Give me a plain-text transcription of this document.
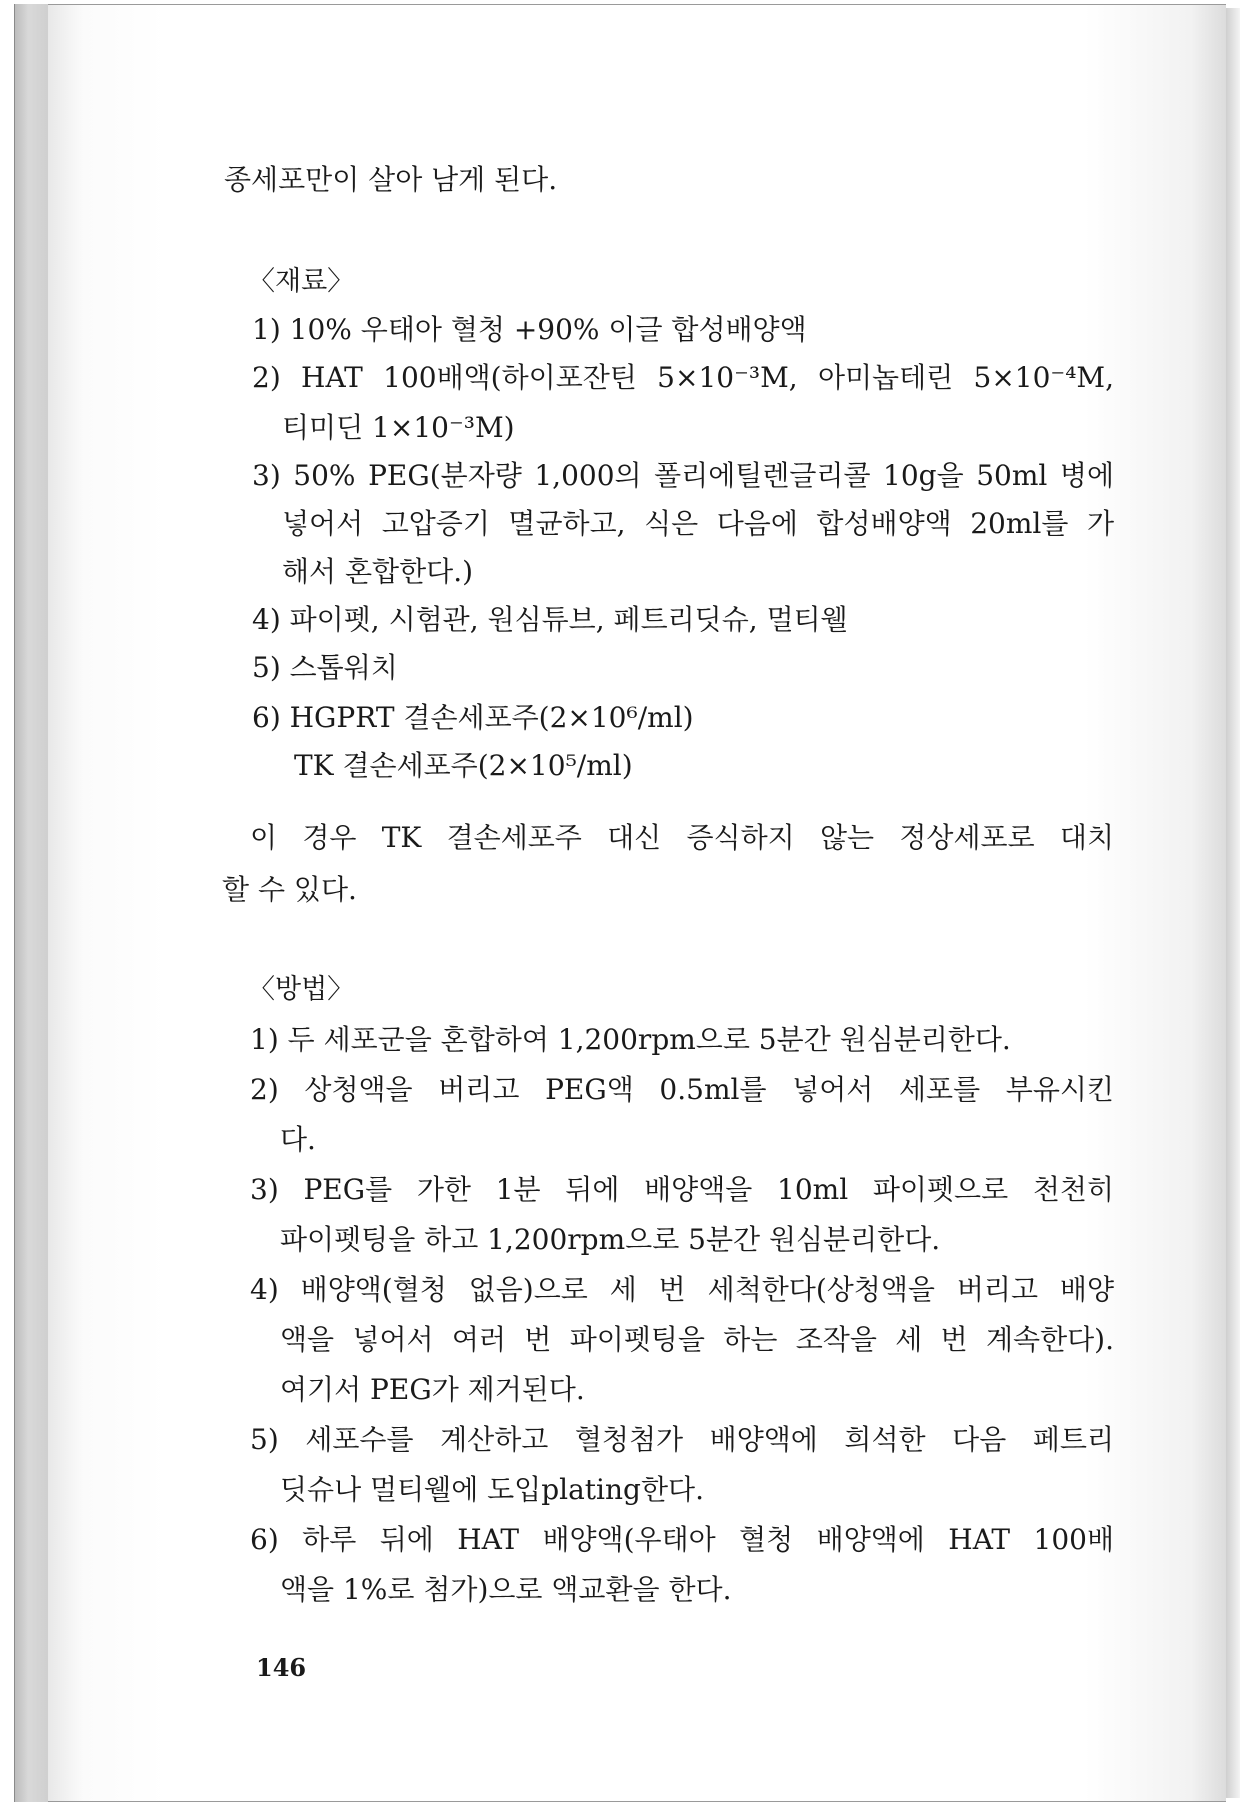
종세포만이 살아 남게 된다.
〈재료〉
1) 10% 우태아 혈청 +90% 이글 합성배양액
2) HAT 100배액(하이포잔틴 5×10⁻³M, 아미놉테린 5×10⁻⁴M,
티미딘 1×10⁻³M)
3) 50% PEG(분자량 1,000의 폴리에틸렌글리콜 10g을 50ml 병에
넣어서 고압증기 멸균하고, 식은 다음에 합성배양액 20ml를 가
해서 혼합한다.)
4) 파이펫, 시험관, 원심튜브, 페트리딧슈, 멀티웰
5) 스톱워치
6) HGPRT 결손세포주(2×10⁶/ml)
TK 결손세포주(2×10⁵/ml)
이 경우 TK 결손세포주 대신 증식하지 않는 정상세포로 대치
할 수 있다.
〈방법〉
1) 두 세포군을 혼합하여 1,200rpm으로 5분간 원심분리한다.
2) 상청액을 버리고 PEG액 0.5ml를 넣어서 세포를 부유시킨
다.
3) PEG를 가한 1분 뒤에 배양액을 10ml 파이펫으로 천천히
파이펫팅을 하고 1,200rpm으로 5분간 원심분리한다.
4) 배양액(혈청 없음)으로 세 번 세척한다(상청액을 버리고 배양
액을 넣어서 여러 번 파이펫팅을 하는 조작을 세 번 계속한다).
여기서 PEG가 제거된다.
5) 세포수를 계산하고 혈청첨가 배양액에 희석한 다음 페트리
딧슈나 멀티웰에 도입plating한다.
6) 하루 뒤에 HAT 배양액(우태아 혈청 배양액에 HAT 100배
액을 1%로 첨가)으로 액교환을 한다.
146
